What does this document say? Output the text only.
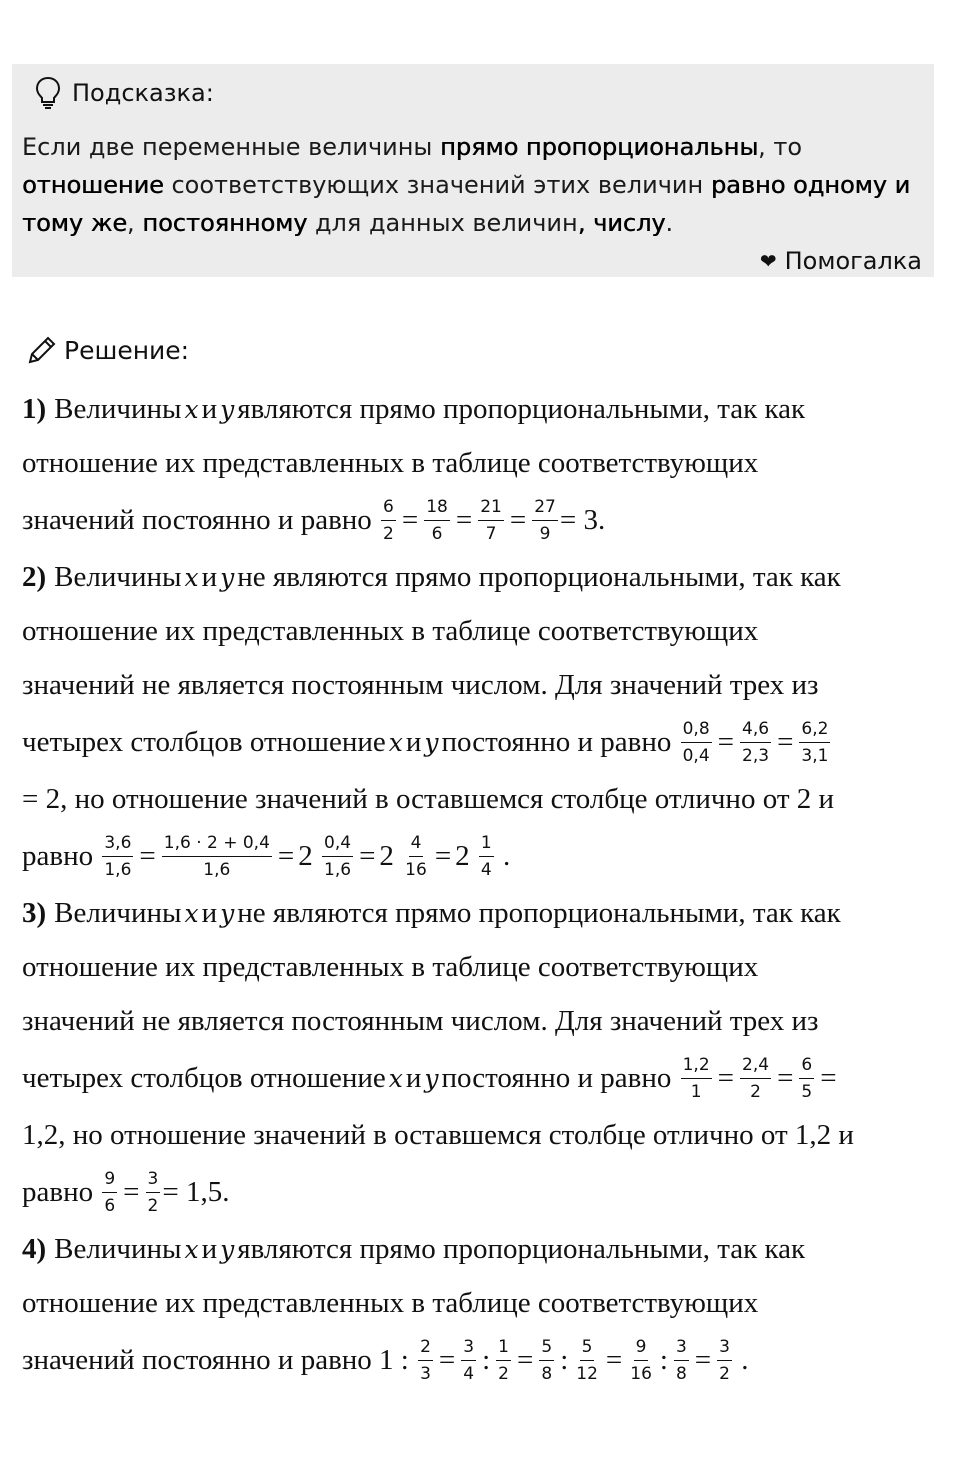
Подсказка:
Если две переменные величины прямо пропорциональны, то
отношение соответствующих значений этих величин равно одному и тому же, постоянному для данных величин, числу.
❤ Помогалка
Решение:
1) Величины x и y являются прямо пропорциональными, так как
отношение их представленных в таблице соответствующих
значений постоянно и равно
$\frac{6}{2} = \frac{18}{6} = \frac{21}{7} = \frac{27}{9} = 3$.
2) Величины x и y не являются прямо пропорциональными, так как
отношение их представленных в таблице соответствующих
значений не является постоянным числом. Для значений трех из
четырех столбцов отношение x и y постоянно и равно
$\frac{0,8}{0,4} = \frac{4,6}{2,3} = \frac{6,2}{3,1}$
= 2, но отношение значений в оставшемся столбце отлично от 2 и
равно
$\frac{3,6}{1,6} = \frac{1,6 \cdot 2 + 0,4}{1,6} = 2$
$\frac{0,4}{1,6} = 2$
$\frac{4}{16} = 2$
$\frac{1}{4}$
.
3) Величины x и y не являются прямо пропорциональными, так как
отношение их представленных в таблице соответствующих
значений не является постоянным числом. Для значений трех из
четырех столбцов отношение x и y постоянно и равно
$\frac{1,2}{1} = \frac{2,4}{2} = \frac{6}{5}$ =
1,2, но отношение значений в оставшемся столбце отлично от 1,2 и
равно
$\frac{9}{6} = \frac{3}{2} = 1,5$.
4) Величины x и y являются прямо пропорциональными, так как
отношение их представленных в таблице соответствующих
значений постоянно и равно 1 :
$\frac{2}{3} = \frac{3}{4}$ : $\frac{1}{2} = \frac{5}{8}$ : $\frac{5}{12} = \frac{9}{16}$ : $\frac{3}{8} = \frac{3}{2}$
.
